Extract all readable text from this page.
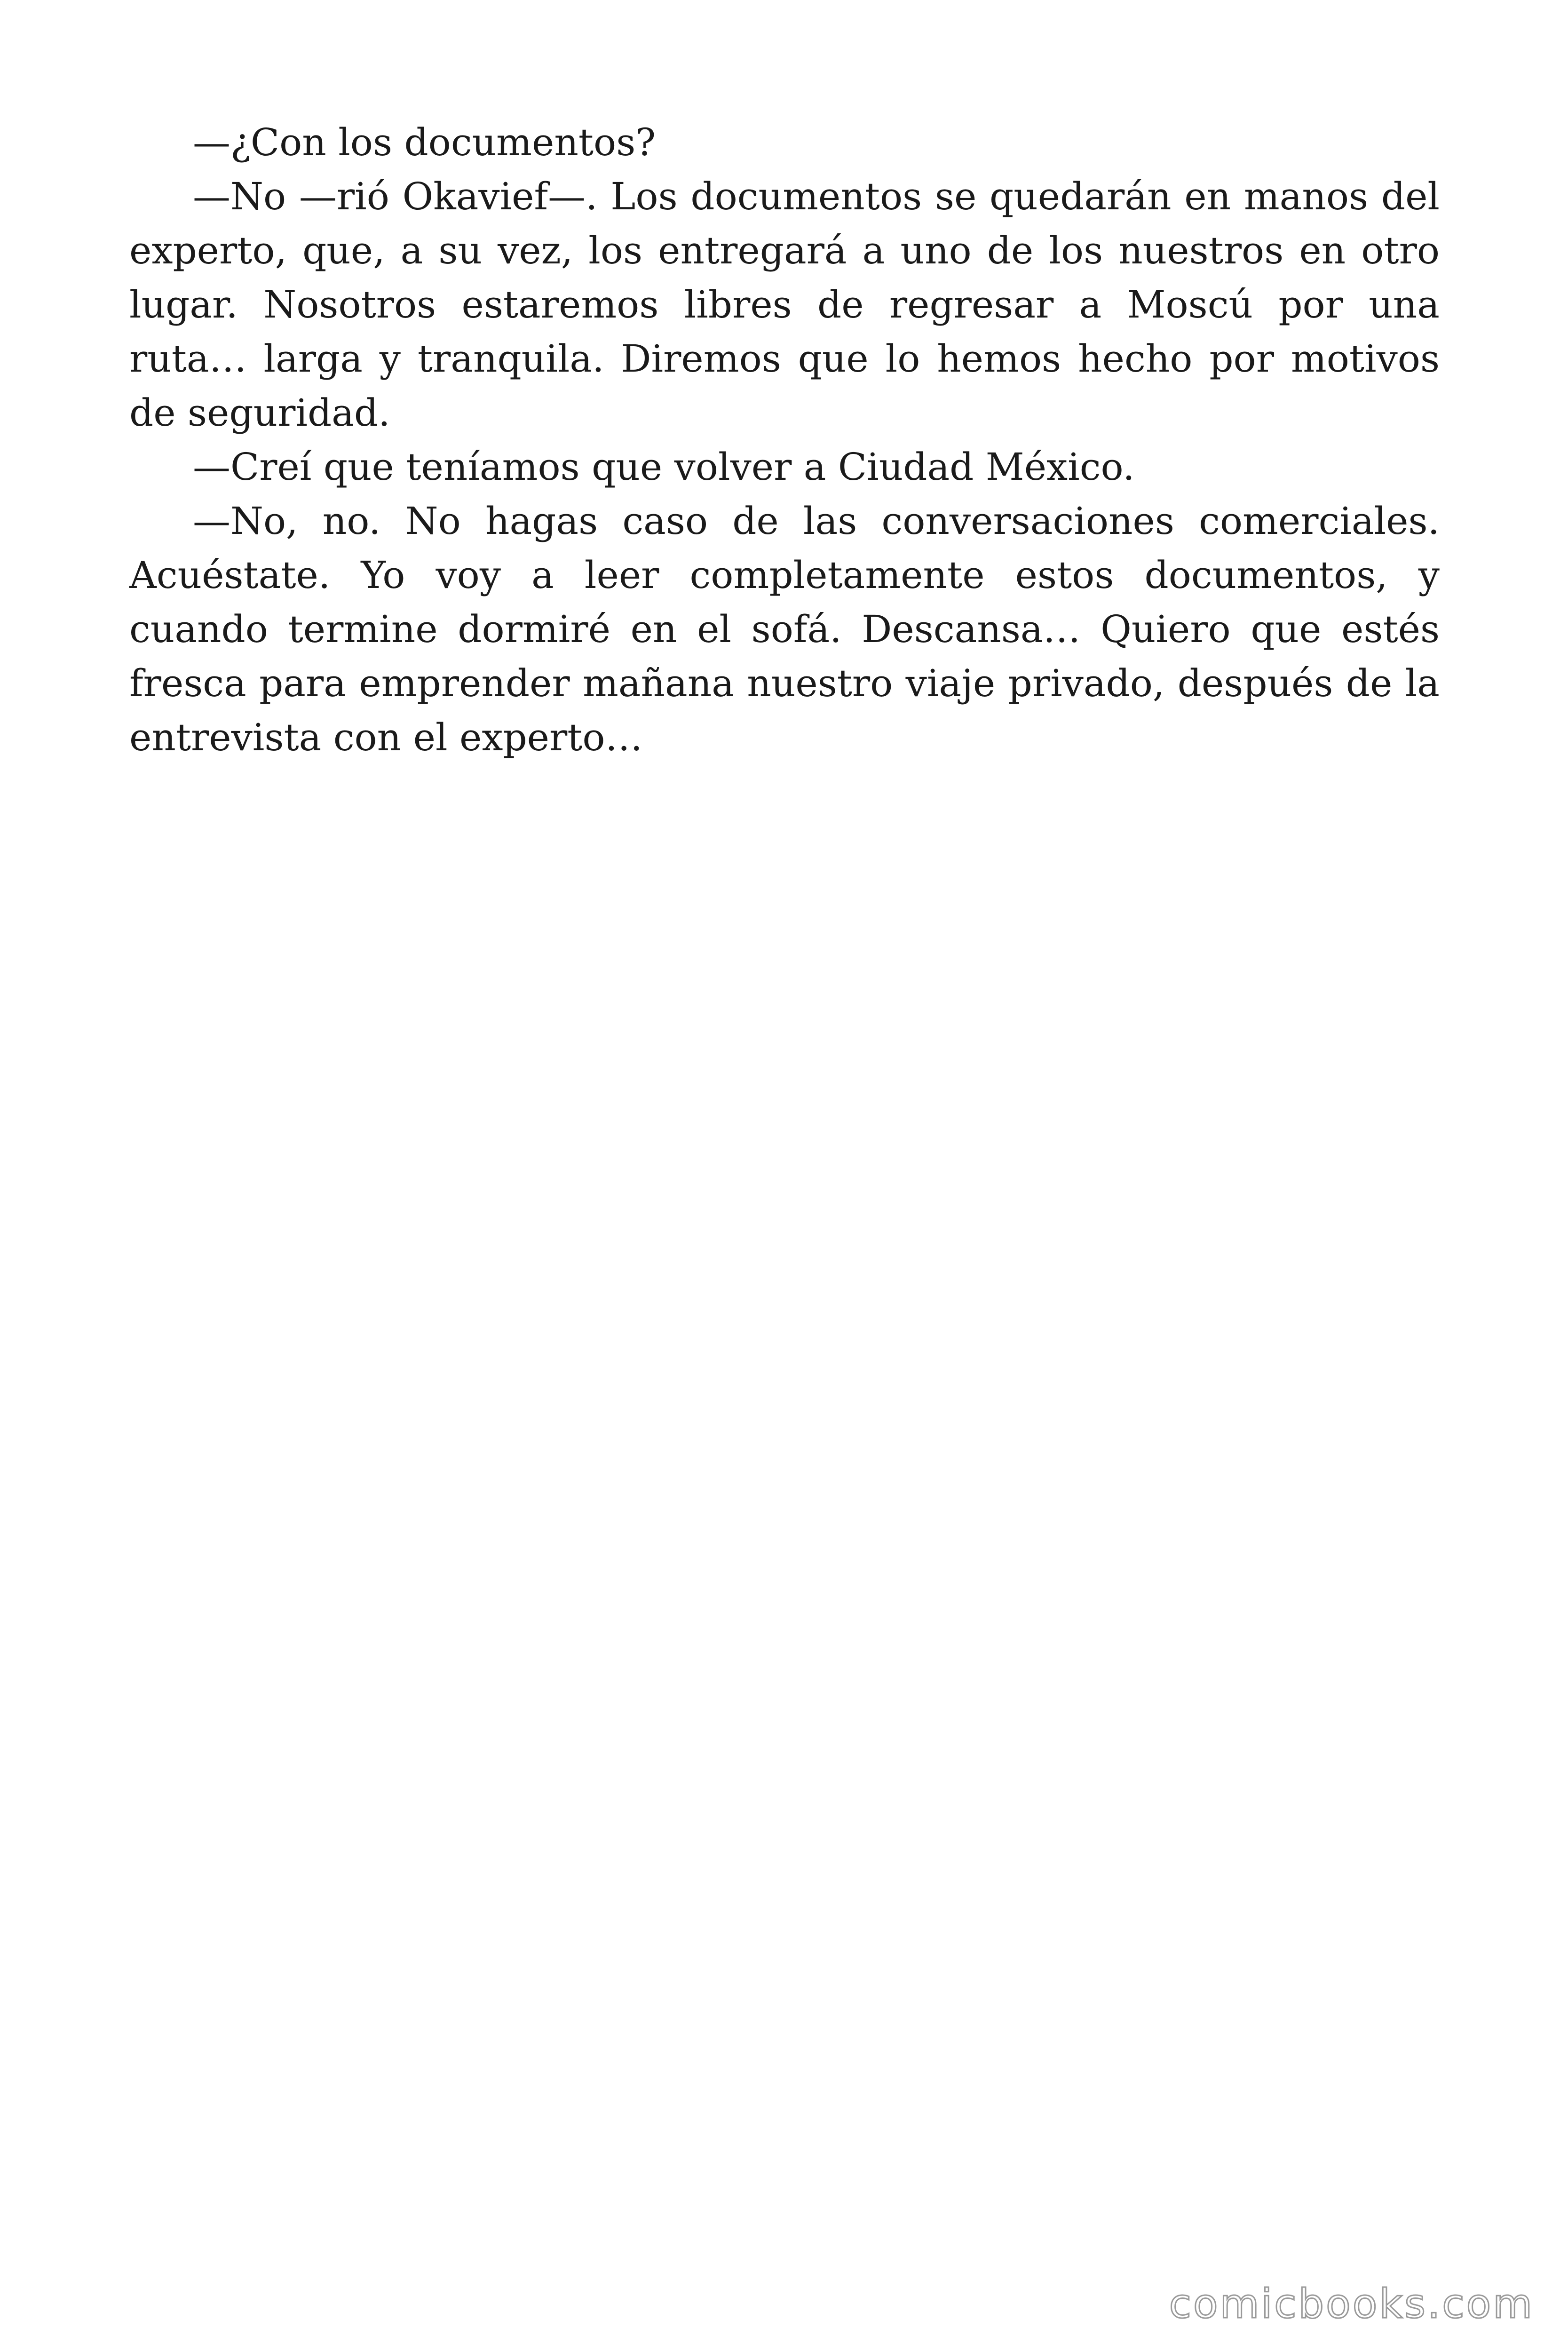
—¿Con los documentos?

—No —rió Okavief—. Los documentos se quedarán en manos del experto, que, a su vez, los entregará a uno de los nuestros en otro lugar. Nosotros estaremos libres de regresar a Moscú por una ruta… larga y tranquila. Diremos que lo hemos hecho por motivos de seguridad.

—Creí que teníamos que volver a Ciudad México.

—No, no. No hagas caso de las conversaciones comerciales. Acuéstate. Yo voy a leer completamente estos documentos, y cuando termine dormiré en el sofá. Descansa… Quiero que estés fresca para emprender mañana nuestro viaje privado, después de la entrevista con el experto…

comicbooks.com
